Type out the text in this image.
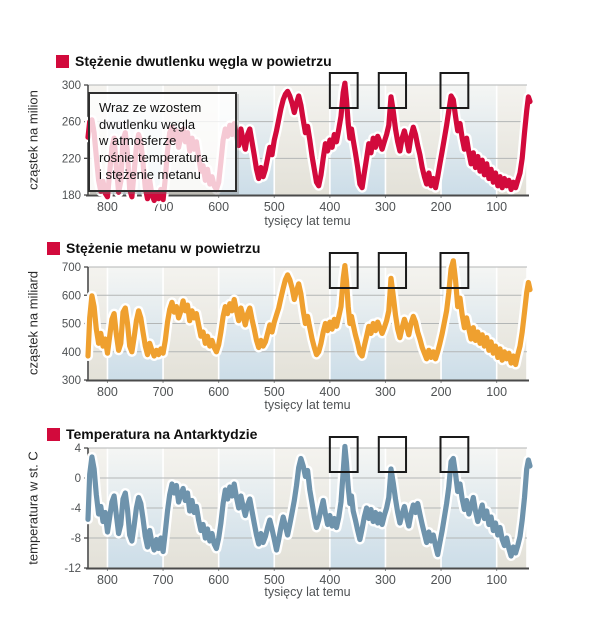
300
260
220
180
800	700	600	500	400	300	200	100
700
600
500
400
300
800	700	600	500	400	300	200	100
4
0
-4
-8
-12
800	700	600	500	400	300	200	100
Stężenie dwutlenku węgla w powietrzu
Stężenie metanu w powietrzu
Temperatura na Antarktydzie
cząstek na milion
cząstek na miliard
temperatura w st. C
tysięcy lat temu
tysięcy lat temu
tysięcy lat temu
Wraz ze wzostem
dwutlenku węgla
w atmosferze
rośnie temperatura
i stężenie metanu
